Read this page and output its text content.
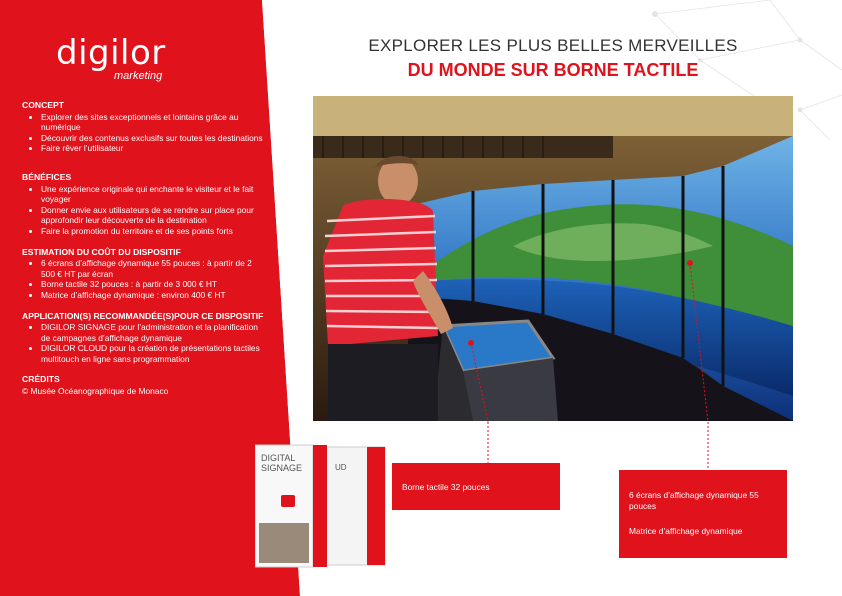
digilor
marketing
CONCEPT
• Explorer des sites exceptionnels et lointains grâce au numérique
• Découvrir des contenus exclusifs sur toutes les destinations
• Faire rêver l’utilisateur
BÉNÉFICES
• Une expérience originale qui enchante le visiteur et le fait voyager
• Donner envie aux utilisateurs de se rendre sur place pour approfondir leur découverte de la destination
• Faire la promotion du territoire et de ses points forts
ESTIMATION DU COÛT DU DISPOSITIF
• 6 écrans d’affichage dynamique 55 pouces : à partir de 2 500 € HT par écran
• Borne tactile 32 pouces : à partir de 3 000 € HT
• Matrice d’affichage dynamique : environ 400 € HT
APPLICATION(S) RECOMMANDÉE(S)POUR CE DISPOSITIF
• DIGILOR SIGNAGE pour l’administration et la planification de campagnes d’affichage dynamique
• DIGILOR CLOUD pour la création de présentations tactiles multitouch en ligne sans programmation
CRÉDITS
© Musée Océanographique de Monaco
EXPLORER LES PLUS BELLES MERVEILLES
DU MONDE SUR BORNE TACTILE
Borne tactile 32 pouces
6 écrans d’affichage dynamique 55 pouces
Matrice d’affichage dynamique
DIGITAL
SIGNAGE	UD
